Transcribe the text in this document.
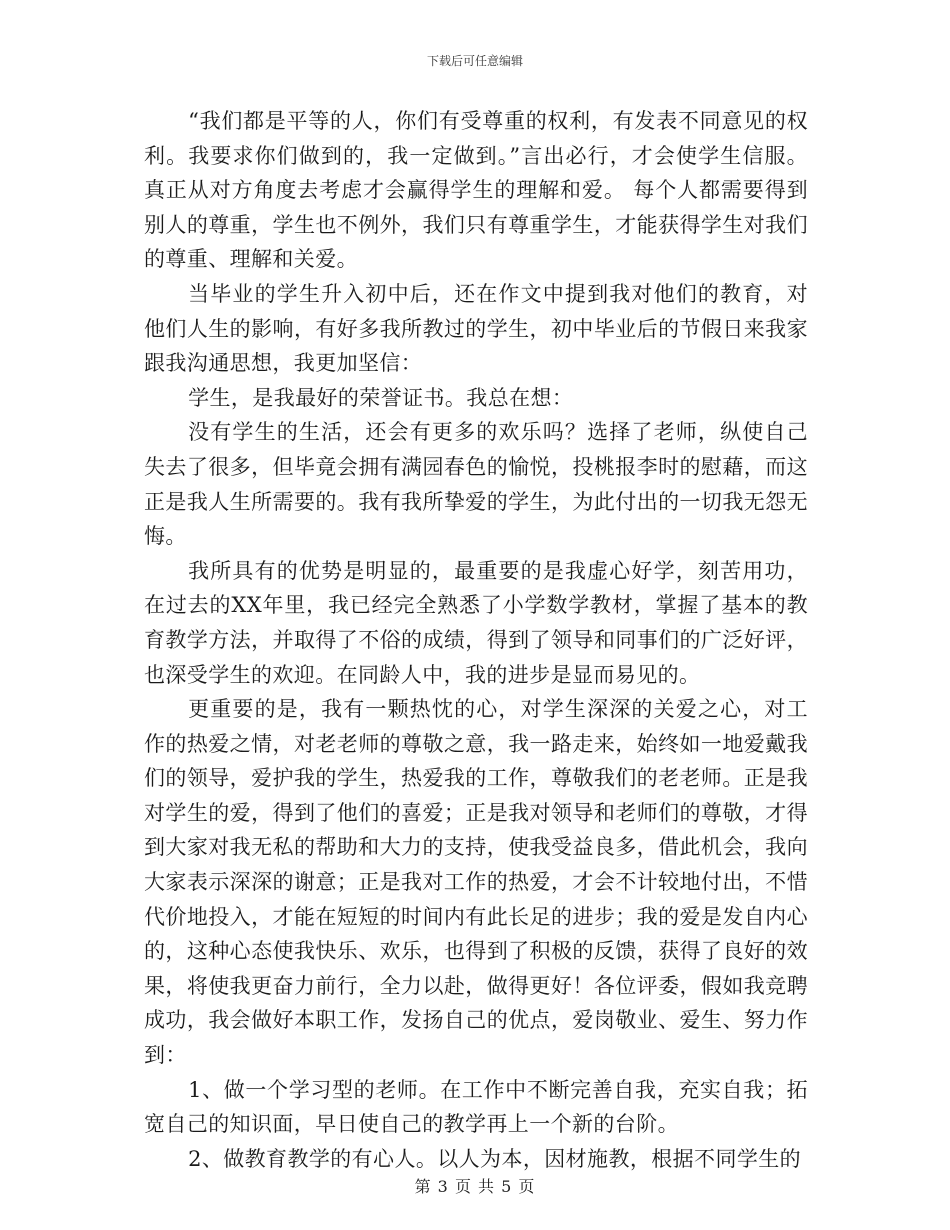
下载后可任意编辑

“我们都是平等的人，你们有受尊重的权利，有发表不同意见的权利。我要求你们做到的，我一定做到。”言出必行，才会使学生信服。真正从对方角度去考虑才会赢得学生的理解和爱。 每个人都需要得到别人的尊重，学生也不例外，我们只有尊重学生，才能获得学生对我们的尊重、理解和关爱。

当毕业的学生升入初中后，还在作文中提到我对他们的教育，对他们人生的影响，有好多我所教过的学生，初中毕业后的节假日来我家跟我沟通思想，我更加坚信：

学生，是我最好的荣誉证书。我总在想：

没有学生的生活，还会有更多的欢乐吗？选择了老师，纵使自己失去了很多，但毕竟会拥有满园春色的愉悦，投桃报李时的慰藉，而这正是我人生所需要的。我有我所挚爱的学生，为此付出的一切我无怨无悔。

我所具有的优势是明显的，最重要的是我虚心好学，刻苦用功，在过去的XX年里，我已经完全熟悉了小学数学教材，掌握了基本的教育教学方法，并取得了不俗的成绩，得到了领导和同事们的广泛好评，也深受学生的欢迎。在同龄人中，我的进步是显而易见的。

更重要的是，我有一颗热忱的心，对学生深深的关爱之心，对工作的热爱之情，对老老师的尊敬之意，我一路走来，始终如一地爱戴我们的领导，爱护我的学生，热爱我的工作，尊敬我们的老老师。正是我对学生的爱，得到了他们的喜爱；正是我对领导和老师们的尊敬，才得到大家对我无私的帮助和大力的支持，使我受益良多，借此机会，我向大家表示深深的谢意；正是我对工作的热爱，才会不计较地付出，不惜代价地投入，才能在短短的时间内有此长足的进步；我的爱是发自内心的，这种心态使我快乐、欢乐，也得到了积极的反馈，获得了良好的效果，将使我更奋力前行，全力以赴，做得更好！各位评委，假如我竞聘成功，我会做好本职工作，发扬自己的优点，爱岗敬业、爱生、努力作到：

1、做一个学习型的老师。在工作中不断完善自我，充实自我；拓宽自己的知识面，早日使自己的教学再上一个新的台阶。

2、做教育教学的有心人。以人为本，因材施教，根据不同学生的

第 3 页 共 5 页
